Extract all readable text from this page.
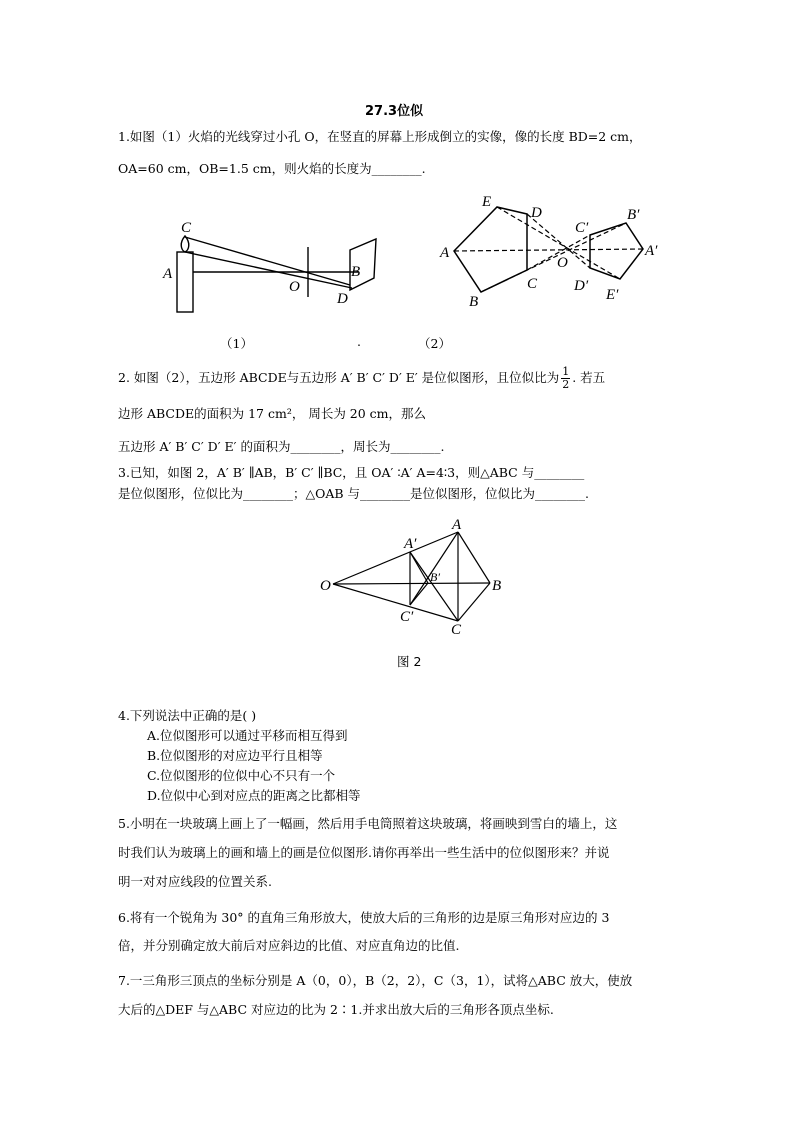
27.3位似
1.如图（1）火焰的光线穿过小孔 O，在竖直的屏幕上形成倒立的实像，像的长度 BD=2 cm，
OA=60 cm，OB=1.5 cm，则火焰的长度为________.
C
A
O
B
D
（1）	.
E
D
A
C
B
O
C′
B′
A′
D′
E′
（2）
2. 如图（2），五边形 ABCDE与五边形 A′ B′ C′ D′ E′ 是位似图形，且位似比为 $\frac{1}{2}$ . 若五
边形 ABCDE的面积为 17 cm²， 周长为 20 cm，那么
五边形 A′ B′ C′ D′ E′ 的面积为________，周长为________.
3.已知，如图 2，A′ B′ ∥AB，B′ C′ ∥BC，且 OA′ ∶A′ A=4∶3，则△ABC 与________
是位似图形，位似比为________；△OAB 与________是位似图形，位似比为________.
A
A′
B′
O	B
C′
C
图 2
4.下列说法中正确的是( )
A.位似图形可以通过平移而相互得到
B.位似图形的对应边平行且相等
C.位似图形的位似中心不只有一个
D.位似中心到对应点的距离之比都相等
5.小明在一块玻璃上画上了一幅画，然后用手电筒照着这块玻璃，将画映到雪白的墙上，这
时我们认为玻璃上的画和墙上的画是位似图形.请你再举出一些生活中的位似图形来？并说
明一对对应线段的位置关系.
6.将有一个锐角为 30° 的直角三角形放大，使放大后的三角形的边是原三角形对应边的 3
倍，并分别确定放大前后对应斜边的比值、对应直角边的比值.
7.一三角形三顶点的坐标分别是 A（0，0），B（2，2），C（3，1），试将△ABC 放大，使放
大后的△DEF 与△ABC 对应边的比为 2∶1.并求出放大后的三角形各顶点坐标.
